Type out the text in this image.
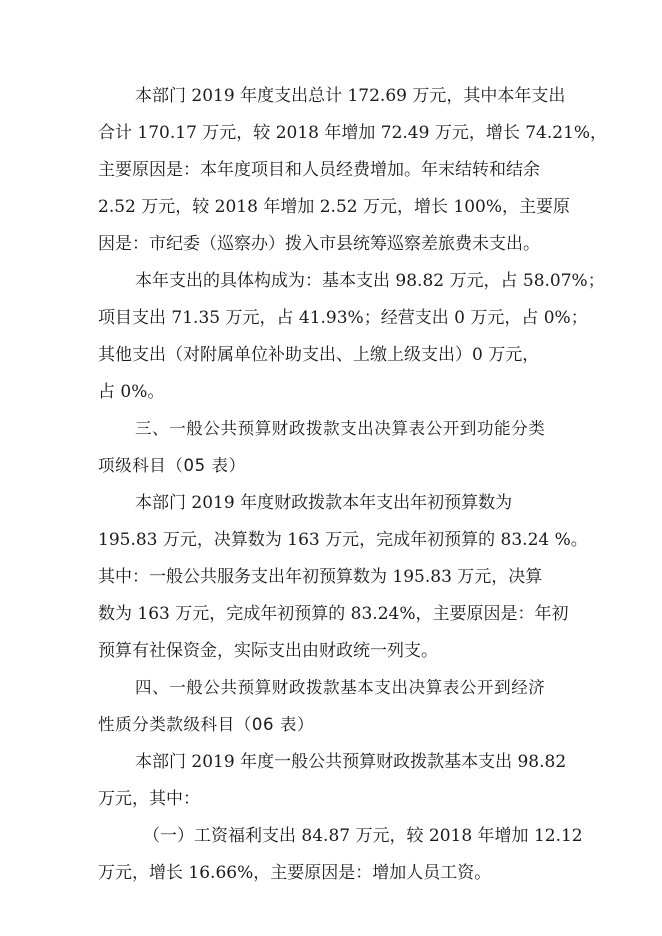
本部门 2019 年度支出总计 172.69 万元，其中本年支出
合计 170.17 万元，较 2018 年增加 72.49 万元，增长 74.21%，
主要原因是：本年度项目和人员经费增加。年末结转和结余
2.52 万元，较 2018 年增加 2.52 万元，增长 100%，主要原
因是：市纪委（巡察办）拨入市县统筹巡察差旅费未支出。
本年支出的具体构成为：基本支出 98.82 万元，占 58.07%；
项目支出 71.35 万元，占 41.93%；经营支出 0 万元，占 0%；
其他支出（对附属单位补助支出、上缴上级支出）0 万元，
占 0%。
三、一般公共预算财政拨款支出决算表公开到功能分类
项级科目（05 表）
本部门 2019 年度财政拨款本年支出年初预算数为
195.83 万元，决算数为 163 万元，完成年初预算的 83.24 %。
其中：一般公共服务支出年初预算数为 195.83 万元，决算
数为 163 万元，完成年初预算的 83.24%，主要原因是：年初
预算有社保资金，实际支出由财政统一列支。
四、一般公共预算财政拨款基本支出决算表公开到经济
性质分类款级科目（06 表）
本部门 2019 年度一般公共预算财政拨款基本支出 98.82
万元，其中：
（一）工资福利支出 84.87 万元，较 2018 年增加 12.12
万元，增长 16.66%，主要原因是：增加人员工资。
